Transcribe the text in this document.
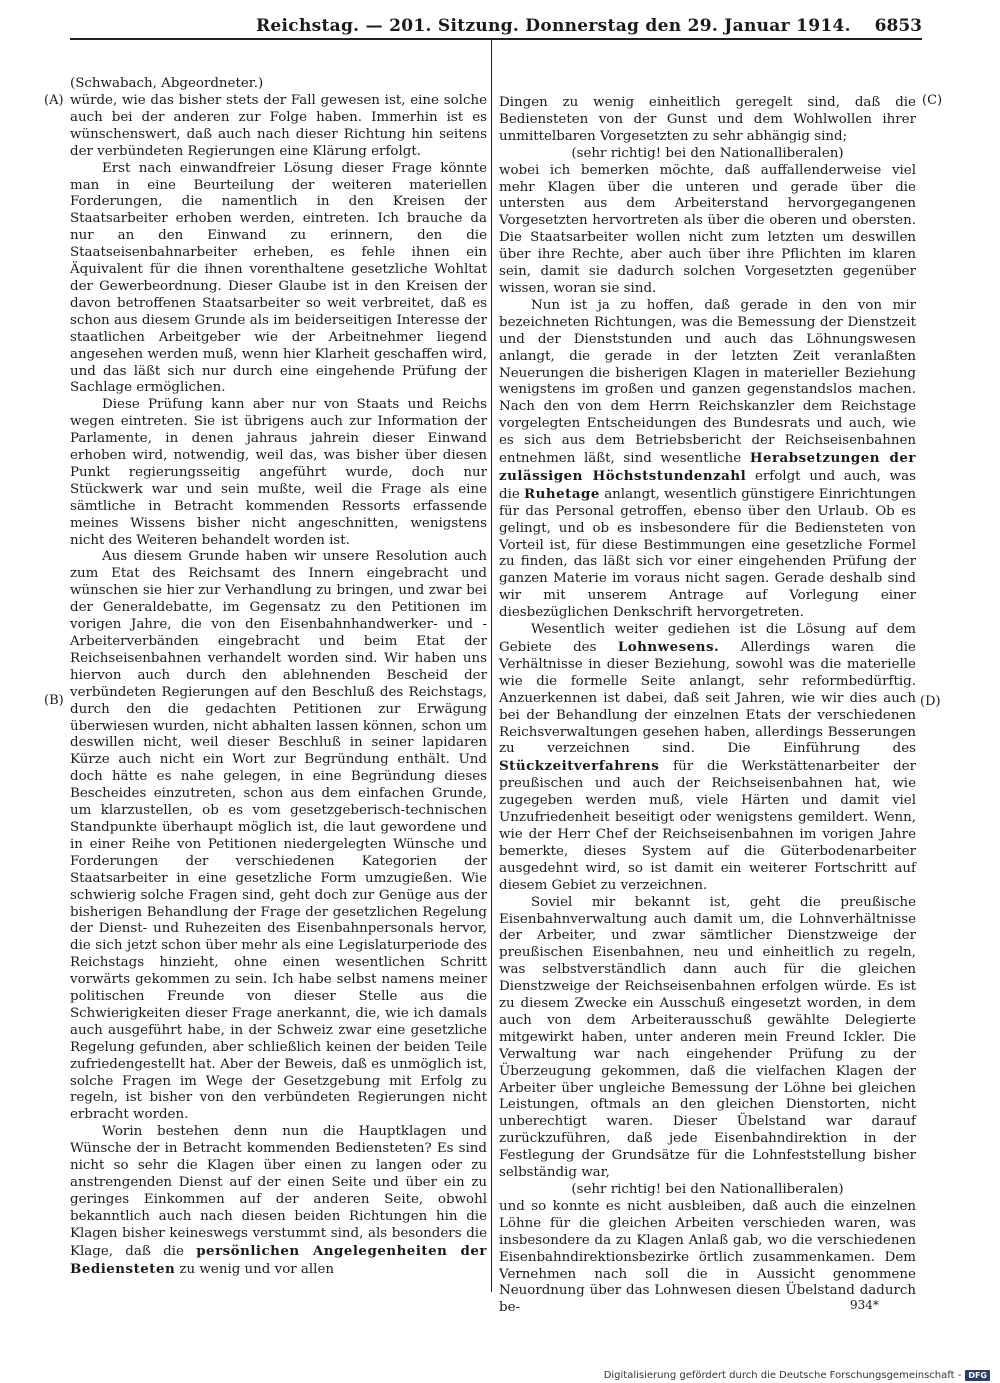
Reichstag. — 201. Sitzung. Donnerstag den 29. Januar 1914. 6853
(Schwabach, Abgeordneter.)
(A)
(B)
(C)
(D)

würde, wie das bisher stets der Fall gewesen ist, eine solche auch bei der anderen zur Folge haben. Immerhin ist es wünschenswert, daß auch nach dieser Richtung hin seitens der verbündeten Regierungen eine Klärung erfolgt.

Erst nach einwandfreier Lösung dieser Frage könnte man in eine Beurteilung der weiteren materiellen Forderungen, die namentlich in den Kreisen der Staatsarbeiter erhoben werden, eintreten. Ich brauche da nur an den Einwand zu erinnern, den die Staatseisenbahnarbeiter erheben, es fehle ihnen ein Äquivalent für die ihnen vorenthaltene gesetzliche Wohltat der Gewerbeordnung. Dieser Glaube ist in den Kreisen der davon betroffenen Staatsarbeiter so weit verbreitet, daß es schon aus diesem Grunde als im beiderseitigen Interesse der staatlichen Arbeitgeber wie der Arbeitnehmer liegend angesehen werden muß, wenn hier Klarheit geschaffen wird, und das läßt sich nur durch eine eingehende Prüfung der Sachlage ermöglichen.

Diese Prüfung kann aber nur von Staats und Reichs wegen eintreten. Sie ist übrigens auch zur Information der Parlamente, in denen jahraus jahrein dieser Einwand erhoben wird, notwendig, weil das, was bisher über diesen Punkt regierungsseitig angeführt wurde, doch nur Stückwerk war und sein mußte, weil die Frage als eine sämtliche in Betracht kommenden Ressorts erfassende meines Wissens bisher nicht angeschnitten, wenigstens nicht des Weiteren behandelt worden ist.

Aus diesem Grunde haben wir unsere Resolution auch zum Etat des Reichsamt des Innern eingebracht und wünschen sie hier zur Verhandlung zu bringen, und zwar bei der Generaldebatte, im Gegensatz zu den Petitionen im vorigen Jahre, die von den Eisenbahnhandwerker- und -Arbeiterverbänden eingebracht und beim Etat der Reichseisenbahnen verhandelt worden sind. Wir haben uns hiervon auch durch den ablehnenden Bescheid der verbündeten Regierungen auf den Beschluß des Reichstags, durch den die gedachten Petitionen zur Erwägung überwiesen wurden, nicht abhalten lassen können, schon um deswillen nicht, weil dieser Beschluß in seiner lapidaren Kürze auch nicht ein Wort zur Begründung enthält. Und doch hätte es nahe gelegen, in eine Begründung dieses Bescheides einzutreten, schon aus dem einfachen Grunde, um klarzustellen, ob es vom gesetzgeberisch-technischen Standpunkte überhaupt möglich ist, die laut gewordene und in einer Reihe von Petitionen niedergelegten Wünsche und Forderungen der verschiedenen Kategorien der Staatsarbeiter in eine gesetzliche Form umzugießen. Wie schwierig solche Fragen sind, geht doch zur Genüge aus der bisherigen Behandlung der Frage der gesetzlichen Regelung der Dienst- und Ruhezeiten des Eisenbahnpersonals hervor, die sich jetzt schon über mehr als eine Legislaturperiode des Reichstags hinzieht, ohne einen wesentlichen Schritt vorwärts gekommen zu sein. Ich habe selbst namens meiner politischen Freunde von dieser Stelle aus die Schwierigkeiten dieser Frage anerkannt, die, wie ich damals auch ausgeführt habe, in der Schweiz zwar eine gesetzliche Regelung gefunden, aber schließlich keinen der beiden Teile zufriedengestellt hat. Aber der Beweis, daß es unmöglich ist, solche Fragen im Wege der Gesetzgebung mit Erfolg zu regeln, ist bisher von den verbündeten Regierungen nicht erbracht worden.

Worin bestehen denn nun die Hauptklagen und Wünsche der in Betracht kommenden Bediensteten? Es sind nicht so sehr die Klagen über einen zu langen oder zu anstrengenden Dienst auf der einen Seite und über ein zu geringes Einkommen auf der anderen Seite, obwohl bekanntlich auch nach diesen beiden Richtungen hin die Klagen bisher keineswegs verstummt sind, als besonders die Klage, daß die persönlichen Angelegenheiten der Bediensteten zu wenig und vor allen

Dingen zu wenig einheitlich geregelt sind, daß die Bediensteten von der Gunst und dem Wohlwollen ihrer unmittelbaren Vorgesetzten zu sehr abhängig sind;

(sehr richtig! bei den Nationalliberalen)

wobei ich bemerken möchte, daß auffallenderweise viel mehr Klagen über die unteren und gerade über die untersten aus dem Arbeiterstand hervorgegangenen Vorgesetzten hervortreten als über die oberen und obersten. Die Staatsarbeiter wollen nicht zum letzten um deswillen über ihre Rechte, aber auch über ihre Pflichten im klaren sein, damit sie dadurch solchen Vorgesetzten gegenüber wissen, woran sie sind.

Nun ist ja zu hoffen, daß gerade in den von mir bezeichneten Richtungen, was die Bemessung der Dienstzeit und der Dienststunden und auch das Löhnungswesen anlangt, die gerade in der letzten Zeit veranlaßten Neuerungen die bisherigen Klagen in materieller Beziehung wenigstens im großen und ganzen gegenstandslos machen. Nach den von dem Herrn Reichskanzler dem Reichstage vorgelegten Entscheidungen des Bundesrats und auch, wie es sich aus dem Betriebsbericht der Reichseisenbahnen entnehmen läßt, sind wesentliche Herabsetzungen der zulässigen Höchststundenzahl erfolgt und auch, was die Ruhetage anlangt, wesentlich günstigere Einrichtungen für das Personal getroffen, ebenso über den Urlaub. Ob es gelingt, und ob es insbesondere für die Bediensteten von Vorteil ist, für diese Bestimmungen eine gesetzliche Formel zu finden, das läßt sich vor einer eingehenden Prüfung der ganzen Materie im voraus nicht sagen. Gerade deshalb sind wir mit unserem Antrage auf Vorlegung einer diesbezüglichen Denkschrift hervorgetreten.

Wesentlich weiter gediehen ist die Lösung auf dem Gebiete des Lohnwesens. Allerdings waren die Verhältnisse in dieser Beziehung, sowohl was die materielle wie die formelle Seite anlangt, sehr reformbedürftig. Anzuerkennen ist dabei, daß seit Jahren, wie wir dies auch bei der Behandlung der einzelnen Etats der verschiedenen Reichsverwaltungen gesehen haben, allerdings Besserungen zu verzeichnen sind. Die Einführung des Stückzeitverfahrens für die Werkstättenarbeiter der preußischen und auch der Reichseisenbahnen hat, wie zugegeben werden muß, viele Härten und damit viel Unzufriedenheit beseitigt oder wenigstens gemildert. Wenn, wie der Herr Chef der Reichseisenbahnen im vorigen Jahre bemerkte, dieses System auf die Güterbodenarbeiter ausgedehnt wird, so ist damit ein weiterer Fortschritt auf diesem Gebiet zu verzeichnen.

Soviel mir bekannt ist, geht die preußische Eisenbahnverwaltung auch damit um, die Lohnverhältnisse der Arbeiter, und zwar sämtlicher Dienstzweige der preußischen Eisenbahnen, neu und einheitlich zu regeln, was selbstverständlich dann auch für die gleichen Dienstzweige der Reichseisenbahnen erfolgen würde. Es ist zu diesem Zwecke ein Ausschuß eingesetzt worden, in dem auch von dem Arbeiterausschuß gewählte Delegierte mitgewirkt haben, unter anderen mein Freund Ickler. Die Verwaltung war nach eingehender Prüfung zu der Überzeugung gekommen, daß die vielfachen Klagen der Arbeiter über ungleiche Bemessung der Löhne bei gleichen Leistungen, oftmals an den gleichen Dienstorten, nicht unberechtigt waren. Dieser Übelstand war darauf zurückzuführen, daß jede Eisenbahndirektion in der Festlegung der Grundsätze für die Lohnfeststellung bisher selbständig war,

(sehr richtig! bei den Nationalliberalen)

und so konnte es nicht ausbleiben, daß auch die einzelnen Löhne für die gleichen Arbeiten verschieden waren, was insbesondere da zu Klagen Anlaß gab, wo die verschiedenen Eisenbahndirektionsbezirke örtlich zusammenkamen. Dem Vernehmen nach soll die in Aussicht genommene Neuordnung über das Lohnwesen diesen Übelstand dadurch be-	934*
Digitalisierung gefördert durch die Deutsche Forschungsgemeinschaft - DFG
